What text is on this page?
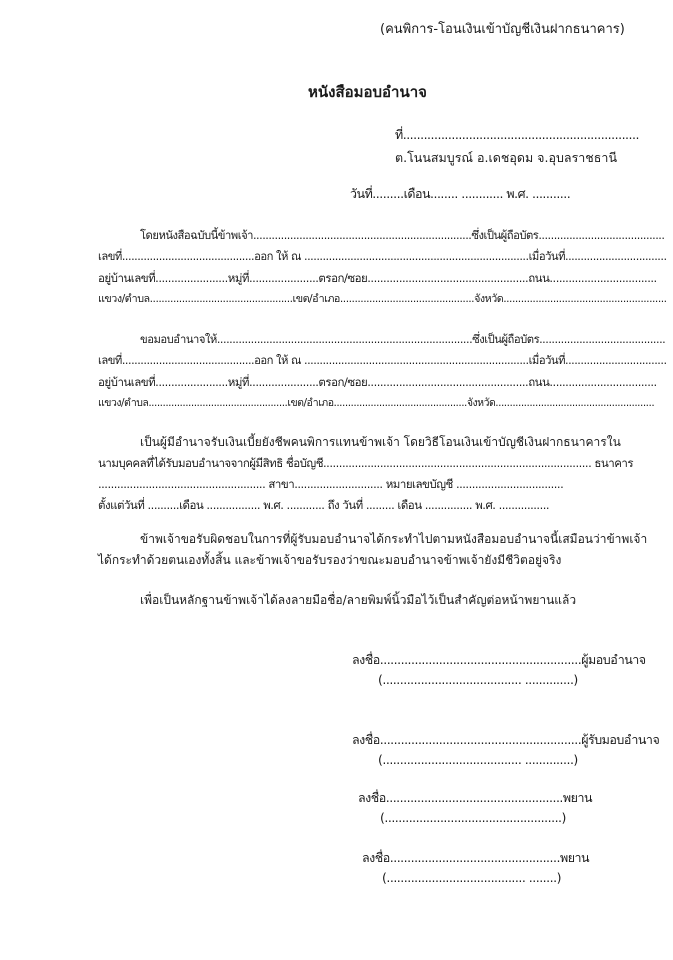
(คนพิการ-โอนเงินเข้าบัญชีเงินฝากธนาคาร)
หนังสือมอบอำนาจ
ที่....................................................................
ต.โนนสมบูรณ์ อ.เดชอุดม จ.อุบลราชธานี
วันที่.........เดือน........ ............ พ.ศ. ...........
โดยหนังสือฉบับนี้ข้าพเจ้า.......................................................................ซึ่งเป็นผู้ถือบัตร.........................................
เลขที่...........................................ออก ให้ ณ .........................................................................เมื่อวันที่.................................
อยู่บ้านเลขที่.......................หมู่ที่......................ตรอก/ซอย...................................................ถนน..................................
แขวง/ตำบล.................................................เขต/อำเภอ..............................................จังหวัด........................................................
ขอมอบอำนาจให้...................................................................................ซึ่งเป็นผู้ถือบัตร.........................................
เลขที่...........................................ออก ให้ ณ .........................................................................เมื่อวันที่.................................
อยู่บ้านเลขที่.......................หมู่ที่......................ตรอก/ซอย...................................................ถนน..................................
แขวง/ตำบล.................................................เขต/อำเภอ...............................................จังหวัด........................................................
เป็นผู้มีอำนาจรับเงินเบี้ยยังชีพคนพิการแทนข้าพเจ้า โดยวิธีโอนเงินเข้าบัญชีเงินฝากธนาคารใน
นามบุคคลที่ได้รับมอบอำนาจจากผู้มีสิทธิ ชื่อบัญชี..................................................................................... ธนาคาร
..................................................... สาขา............................ หมายเลขบัญชี ..................................
ตั้งแต่วันที่ ..........เดือน ................. พ.ศ. ............ ถึง วันที่ ......... เดือน ............... พ.ศ. ................
ข้าพเจ้าขอรับผิดชอบในการที่ผู้รับมอบอำนาจได้กระทำไปตามหนังสือมอบอำนาจนี้เสมือนว่าข้าพเจ้า
ได้กระทำด้วยตนเองทั้งสิ้น และข้าพเจ้าขอรับรองว่าขณะมอบอำนาจข้าพเจ้ายังมีชีวิตอยู่จริง
เพื่อเป็นหลักฐานข้าพเจ้าได้ลงลายมือชื่อ/ลายพิมพ์นิ้วมือไว้เป็นสำคัญต่อหน้าพยานแล้ว
ลงชื่อ..........................................................ผู้มอบอำนาจ
(........................................ ..............)
ลงชื่อ..........................................................ผู้รับมอบอำนาจ
(........................................ ..............)
ลงชื่อ...................................................พยาน
(...................................................)
ลงชื่อ.................................................พยาน
(........................................ ........)
